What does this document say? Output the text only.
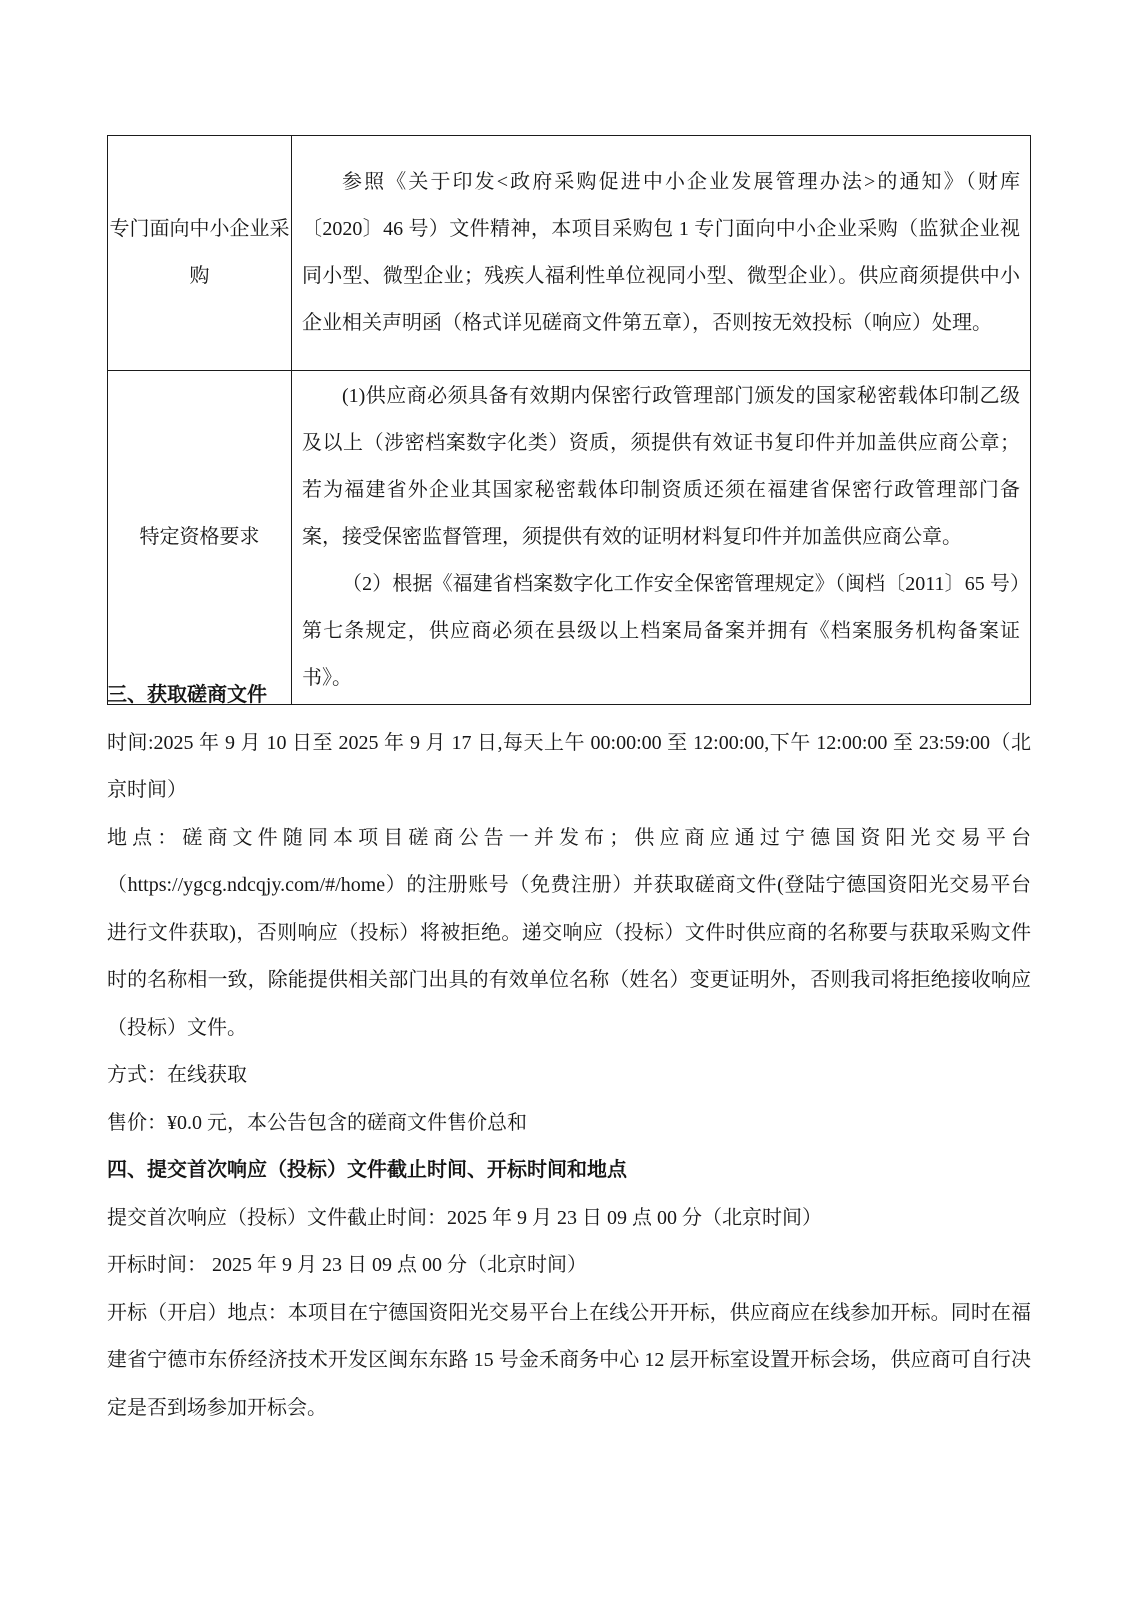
专门面向中小企业采购	参照《关于印发<政府采购促进中小企业发展管理办法>的通知》（财库〔2020〕46 号）文件精神，本项目采购包 1 专门面向中小企业采购（监狱企业视同小型、微型企业；残疾人福利性单位视同小型、微型企业）。供应商须提供中小企业相关声明函（格式详见磋商文件第五章），否则按无效投标（响应）处理。

特定资格要求	(1)供应商必须具备有效期内保密行政管理部门颁发的国家秘密载体印制乙级及以上（涉密档案数字化类）资质，须提供有效证书复印件并加盖供应商公章；若为福建省外企业其国家秘密载体印制资质还须在福建省保密行政管理部门备案，接受保密监督管理，须提供有效的证明材料复印件并加盖供应商公章。

（2）根据《福建省档案数字化工作安全保密管理规定》（闽档〔2011〕65 号）第七条规定，供应商必须在县级以上档案局备案并拥有《档案服务机构备案证书》。

三、获取磋商文件

时间:2025 年 9 月 10 日至 2025 年 9 月 17 日,每天上午 00:00:00 至 12:00:00,下午 12:00:00 至 23:59:00（北京时间）

地点：磋商文件随同本项目磋商公告一并发布；供应商应通过宁德国资阳光交易平台（https://ygcg.ndcqjy.com/#/home）的注册账号（免费注册）并获取磋商文件(登陆宁德国资阳光交易平台进行文件获取)，否则响应（投标）将被拒绝。递交响应（投标）文件时供应商的名称要与获取采购文件时的名称相一致，除能提供相关部门出具的有效单位名称（姓名）变更证明外，否则我司将拒绝接收响应（投标）文件。

方式：在线获取

售价：¥0.0 元，本公告包含的磋商文件售价总和

四、提交首次响应（投标）文件截止时间、开标时间和地点

提交首次响应（投标）文件截止时间：2025 年 9 月 23 日 09 点 00 分（北京时间）

开标时间： 2025 年 9 月 23 日 09 点 00 分（北京时间）

开标（开启）地点：本项目在宁德国资阳光交易平台上在线公开开标，供应商应在线参加开标。同时在福建省宁德市东侨经济技术开发区闽东东路 15 号金禾商务中心 12 层开标室设置开标会场，供应商可自行决定是否到场参加开标会。
